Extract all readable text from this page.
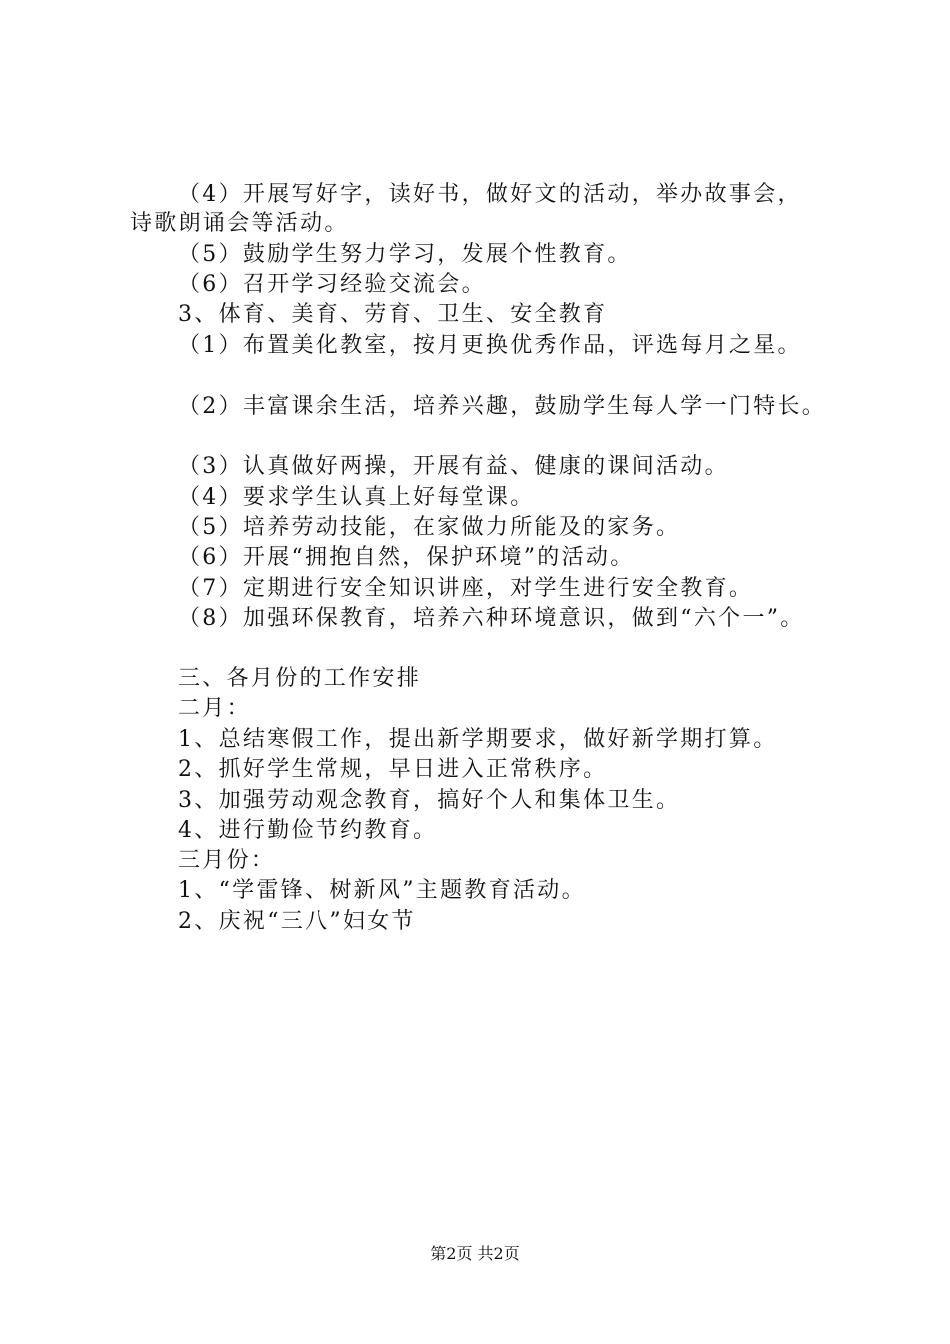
（4）开展写好字，读好书，做好文的活动，举办故事会，
诗歌朗诵会等活动。
（5）鼓励学生努力学习，发展个性教育。
（6）召开学习经验交流会。
3、体育、美育、劳育、卫生、安全教育
（1）布置美化教室，按月更换优秀作品，评选每月之星。
（2）丰富课余生活，培养兴趣，鼓励学生每人学一门特长。
（3）认真做好两操，开展有益、健康的课间活动。
（4）要求学生认真上好每堂课。
（5）培养劳动技能，在家做力所能及的家务。
（6）开展“拥抱自然，保护环境”的活动。
（7）定期进行安全知识讲座，对学生进行安全教育。
（8）加强环保教育，培养六种环境意识，做到“六个一”。
三、各月份的工作安排
二月：
1、总结寒假工作，提出新学期要求，做好新学期打算。
2、抓好学生常规，早日进入正常秩序。
3、加强劳动观念教育，搞好个人和集体卫生。
4、进行勤俭节约教育。
三月份：
1、“学雷锋、树新风”主题教育活动。
2、庆祝“三八”妇女节
第2页 共2页
